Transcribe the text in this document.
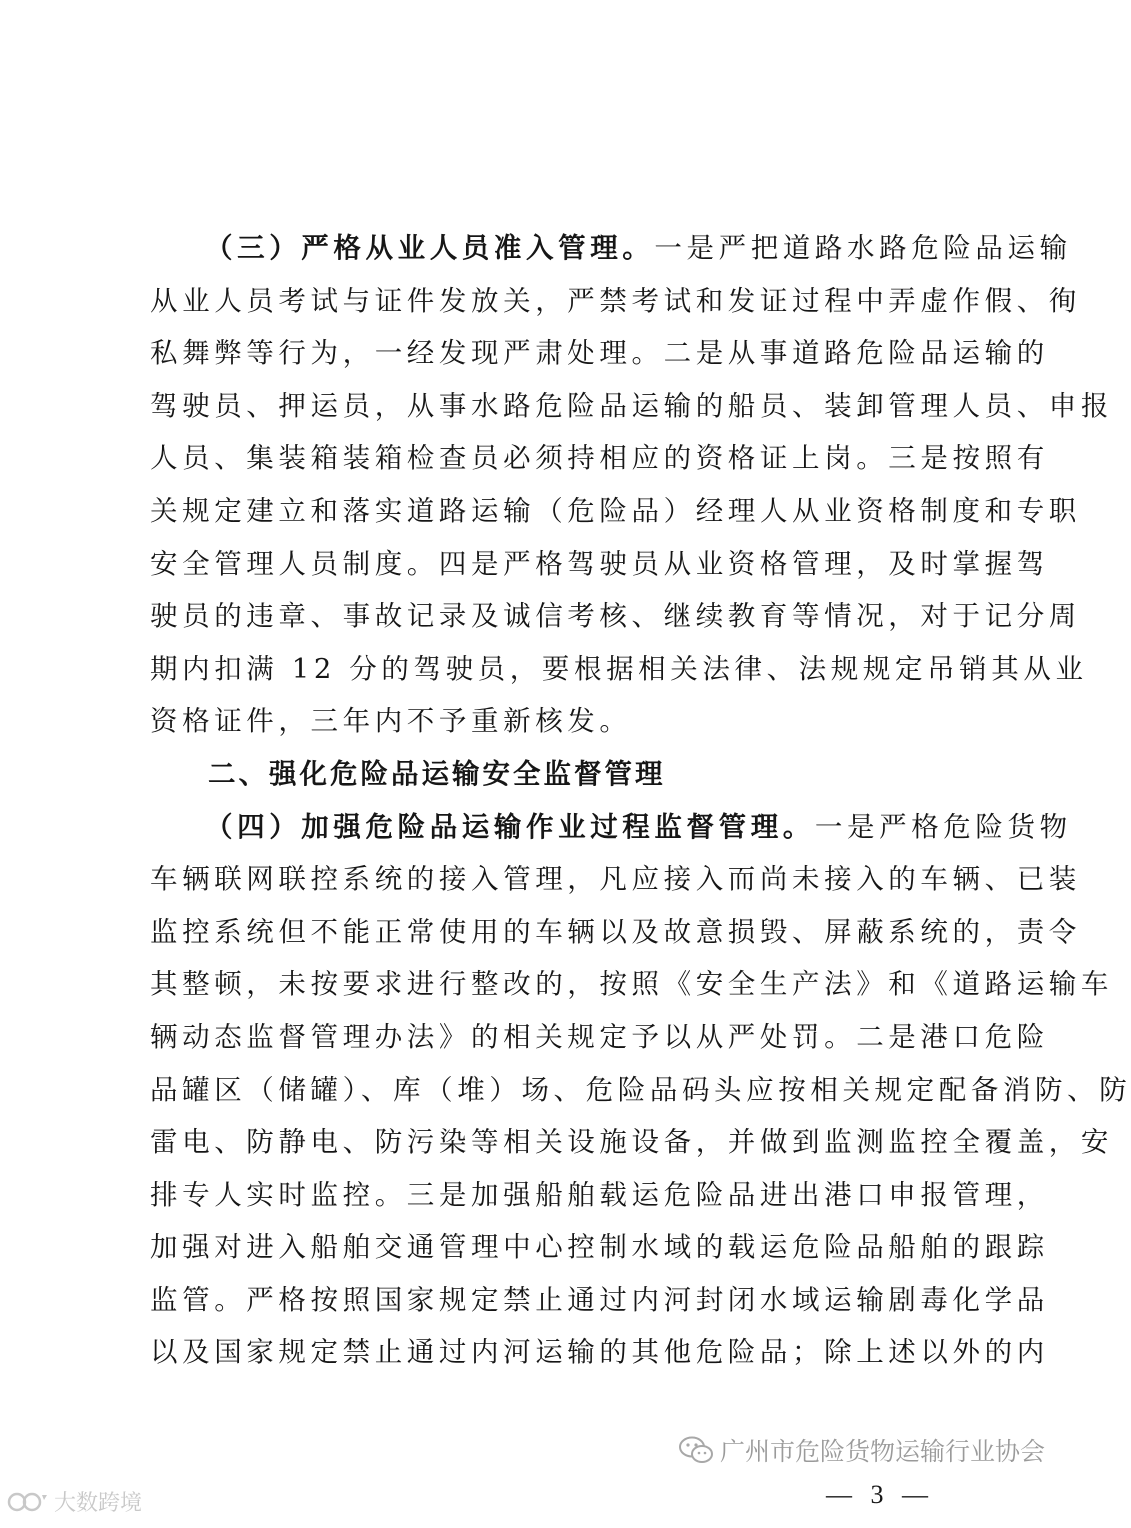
（三）严格从业人员准入管理。一是严把道路水路危险品运输
从业人员考试与证件发放关，严禁考试和发证过程中弄虚作假、徇
私舞弊等行为，一经发现严肃处理。二是从事道路危险品运输的
驾驶员、押运员，从事水路危险品运输的船员、装卸管理人员、申报
人员、集装箱装箱检查员必须持相应的资格证上岗。三是按照有
关规定建立和落实道路运输（危险品）经理人从业资格制度和专职
安全管理人员制度。四是严格驾驶员从业资格管理，及时掌握驾
驶员的违章、事故记录及诚信考核、继续教育等情况，对于记分周
期内扣满 12 分的驾驶员，要根据相关法律、法规规定吊销其从业
资格证件，三年内不予重新核发。
二、强化危险品运输安全监督管理
（四）加强危险品运输作业过程监督管理。一是严格危险货物
车辆联网联控系统的接入管理，凡应接入而尚未接入的车辆、已装
监控系统但不能正常使用的车辆以及故意损毁、屏蔽系统的，责令
其整顿，未按要求进行整改的，按照《安全生产法》和《道路运输车
辆动态监督管理办法》的相关规定予以从严处罚。二是港口危险
品罐区（储罐）、库（堆）场、危险品码头应按相关规定配备消防、防
雷电、防静电、防污染等相关设施设备，并做到监测监控全覆盖，安
排专人实时监控。三是加强船舶载运危险品进出港口申报管理，
加强对进入船舶交通管理中心控制水域的载运危险品船舶的跟踪
监管。严格按照国家规定禁止通过内河封闭水域运输剧毒化学品
以及国家规定禁止通过内河运输的其他危险品；除上述以外的内
广州市危险货物运输行业协会
— 3 —
大数跨境
